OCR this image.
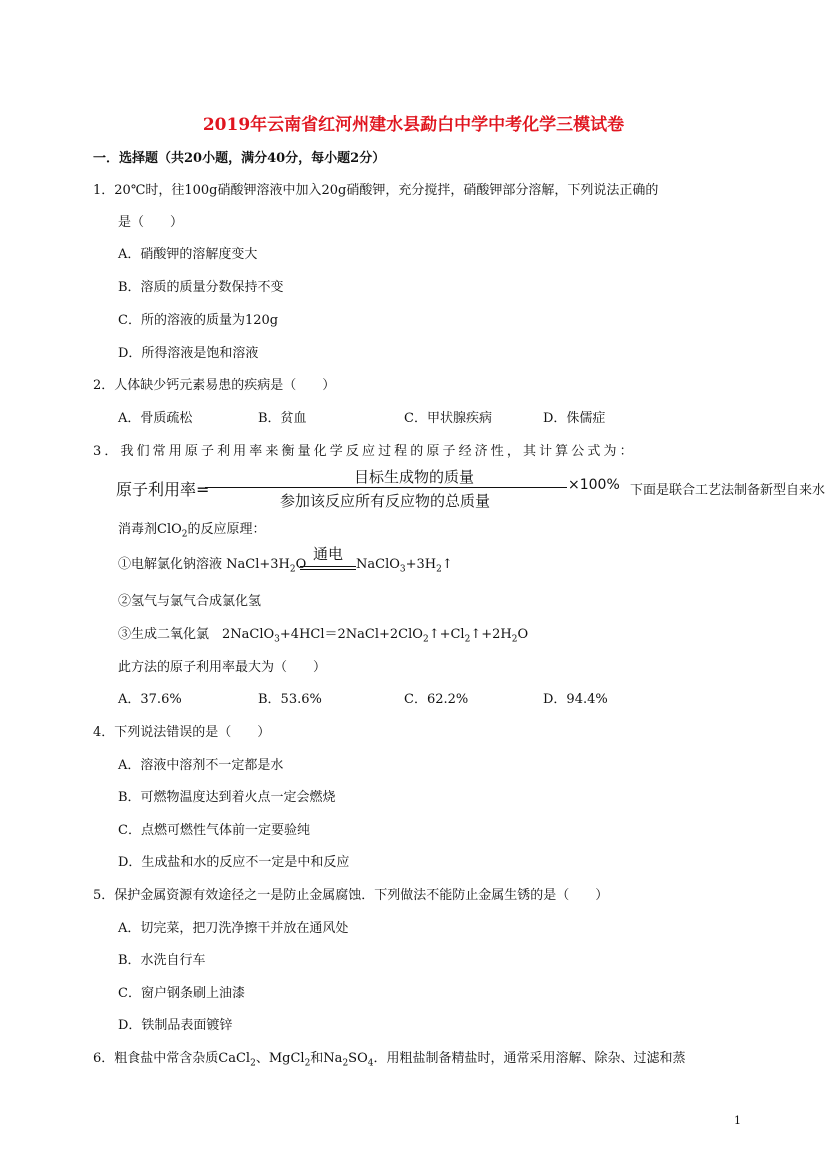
2019年云南省红河州建水县勐白中学中考化学三模试卷
一．选择题（共20小题，满分40分，每小题2分）
1．20℃时，往100g硝酸钾溶液中加入20g硝酸钾，充分搅拌，硝酸钾部分溶解，下列说法正确的
是（　　）
A．硝酸钾的溶解度变大
B．溶质的质量分数保持不变
C．所的溶液的质量为120g
D．所得溶液是饱和溶液
2．人体缺少钙元素易患的疾病是（　　）
A．骨质疏松	B．贫血	C．甲状腺疾病	D．侏儒症
3．我们常用原子利用率来衡量化学反应过程的原子经济性，其计算公式为：
原子利用率=
目标生成物的质量
参加该反应所有反应物的总质量
×100% 下面是联合工艺法制备新型自来水
消毒剂ClO$_2$的反应原理：
①电解氯化钠溶液 $NaCl+3H_2O$
通电
$NaClO_3+3H_2↑$
②氢气与氯气合成氯化氢
③生成二氧化氯　$2NaClO_3+4HCl=2NaCl+2ClO_2↑+Cl_2↑+2H_2O$
此方法的原子利用率最大为（　　）
A．37.6%	B．53.6%	C．62.2%	D．94.4%
4．下列说法错误的是（　　）
A．溶液中溶剂不一定都是水
B．可燃物温度达到着火点一定会燃烧
C．点燃可燃性气体前一定要验纯
D．生成盐和水的反应不一定是中和反应
5．保护金属资源有效途径之一是防止金属腐蚀．下列做法不能防止金属生锈的是（　　）
A．切完菜，把刀洗净擦干并放在通风处
B．水洗自行车
C．窗户钢条刷上油漆
D．铁制品表面镀锌
6．粗食盐中常含杂质CaCl$_2$、MgCl$_2$和$Na_2SO_4$．用粗盐制备精盐时，通常采用溶解、除杂、过滤和蒸
1
